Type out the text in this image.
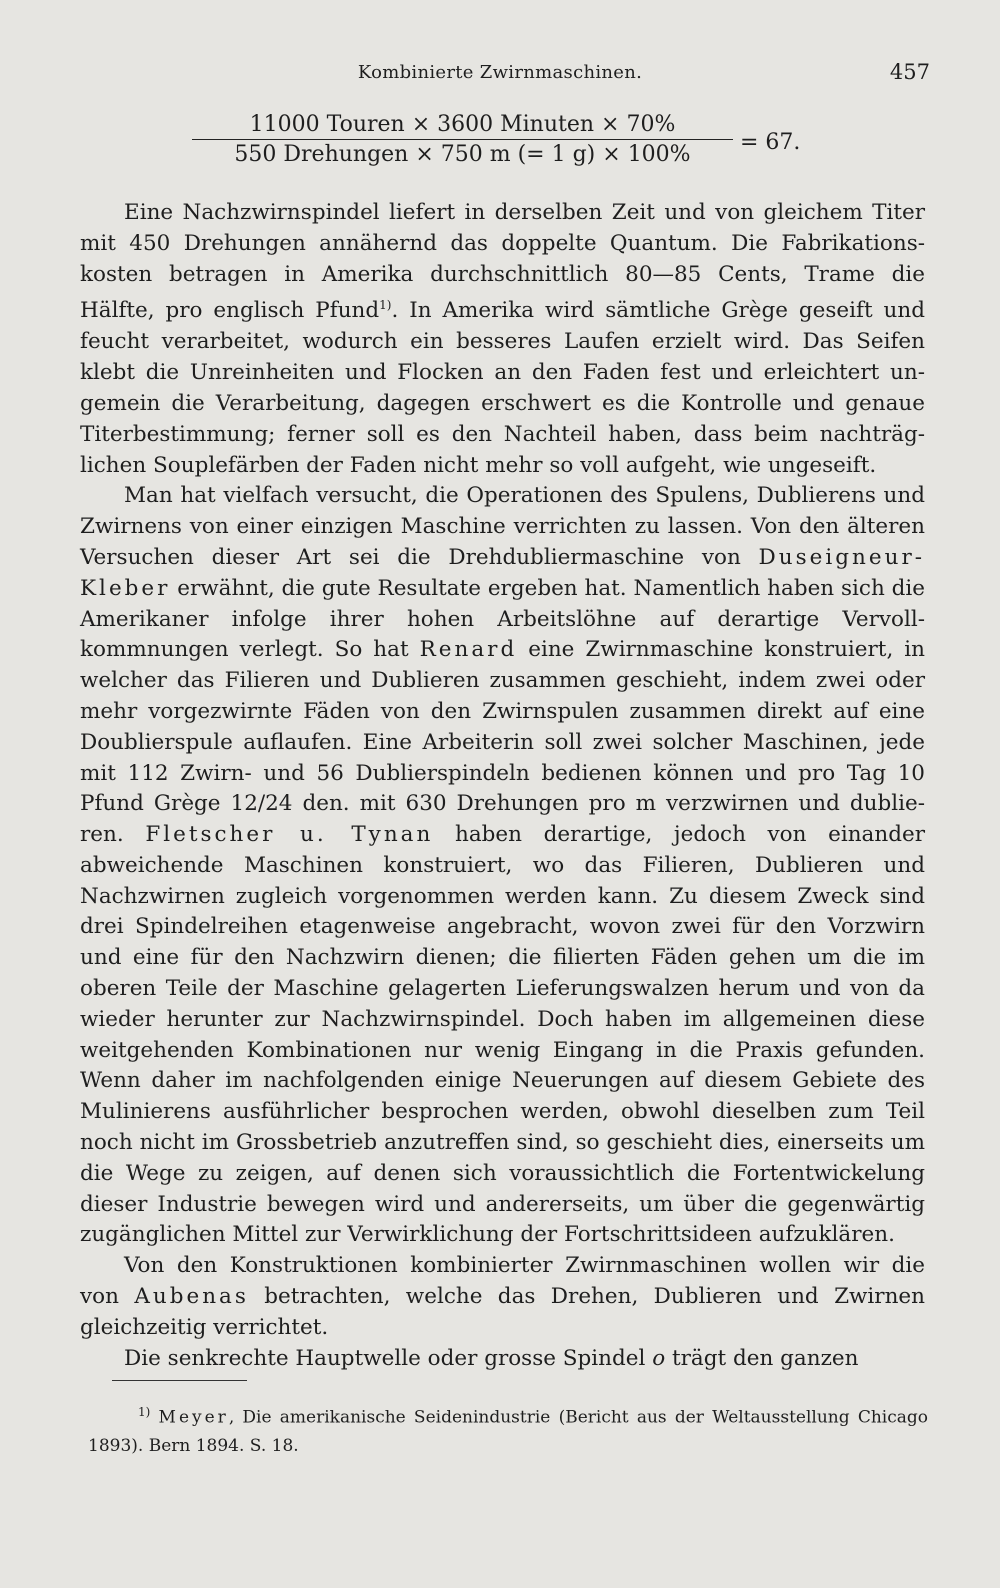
Kombinierte Zwirnmaschinen.	457
11000 Touren × 3600 Minuten × 70%
550 Drehungen × 750 m (= 1 g) × 100%	= 67.

Eine Nachzwirnspindel liefert in derselben Zeit und von gleichem Titer mit 450 Drehungen annähernd das doppelte Quantum. Die Fabrikationskosten betragen in Amerika durchschnittlich 80—85 Cents, Trame die Hälfte, pro englisch Pfund$^{1)}$. In Amerika wird sämtliche Grège geseift und feucht verarbeitet, wodurch ein besseres Laufen erzielt wird. Das Seifen klebt die Unreinheiten und Flocken an den Faden fest und erleichtert ungemein die Verarbeitung, dagegen erschwert es die Kontrolle und genaue Titerbestimmung; ferner soll es den Nachteil haben, dass beim nachträglichen Souplefärben der Faden nicht mehr so voll aufgeht, wie ungeseift.

Man hat vielfach versucht, die Operationen des Spulens, Dublierens und Zwirnens von einer einzigen Maschine verrichten zu lassen. Von den älteren Versuchen dieser Art sei die Drehdubliermaschine von Duseigneur-Kleber erwähnt, die gute Resultate ergeben hat. Namentlich haben sich die Amerikaner infolge ihrer hohen Arbeitslöhne auf derartige Vervollkommnungen verlegt. So hat Renard eine Zwirnmaschine konstruiert, in welcher das Filieren und Dublieren zusammen geschieht, indem zwei oder mehr vorgezwirnte Fäden von den Zwirnspulen zusammen direkt auf eine Doublierspule auflaufen. Eine Arbeiterin soll zwei solcher Maschinen, jede mit 112 Zwirn- und 56 Dublierspindeln bedienen können und pro Tag 10 Pfund Grège 12/24 den. mit 630 Drehungen pro m verzwirnen und dublieren. Fletscher u. Tynan haben derartige, jedoch von einander abweichende Maschinen konstruiert, wo das Filieren, Dublieren und Nachzwirnen zugleich vorgenommen werden kann. Zu diesem Zweck sind drei Spindelreihen etagenweise angebracht, wovon zwei für den Vorzwirn und eine für den Nachzwirn dienen; die filierten Fäden gehen um die im oberen Teile der Maschine gelagerten Lieferungswalzen herum und von da wieder herunter zur Nachzwirnspindel. Doch haben im allgemeinen diese weitgehenden Kombinationen nur wenig Eingang in die Praxis gefunden. Wenn daher im nachfolgenden einige Neuerungen auf diesem Gebiete des Mulinierens ausführlicher besprochen werden, obwohl dieselben zum Teil noch nicht im Grossbetrieb anzutreffen sind, so geschieht dies, einerseits um die Wege zu zeigen, auf denen sich voraussichtlich die Fortentwickelung dieser Industrie bewegen wird und andererseits, um über die gegenwärtig zugänglichen Mittel zur Verwirklichung der Fortschrittsideen aufzuklären.

Von den Konstruktionen kombinierter Zwirnmaschinen wollen wir die von Aubenas betrachten, welche das Drehen, Dublieren und Zwirnen gleichzeitig verrichtet.

Die senkrechte Hauptwelle oder grosse Spindel o trägt den ganzen

$^{1)}$ Meyer, Die amerikanische Seidenindustrie (Bericht aus der Weltausstellung Chicago 1893). Bern 1894. S. 18.
